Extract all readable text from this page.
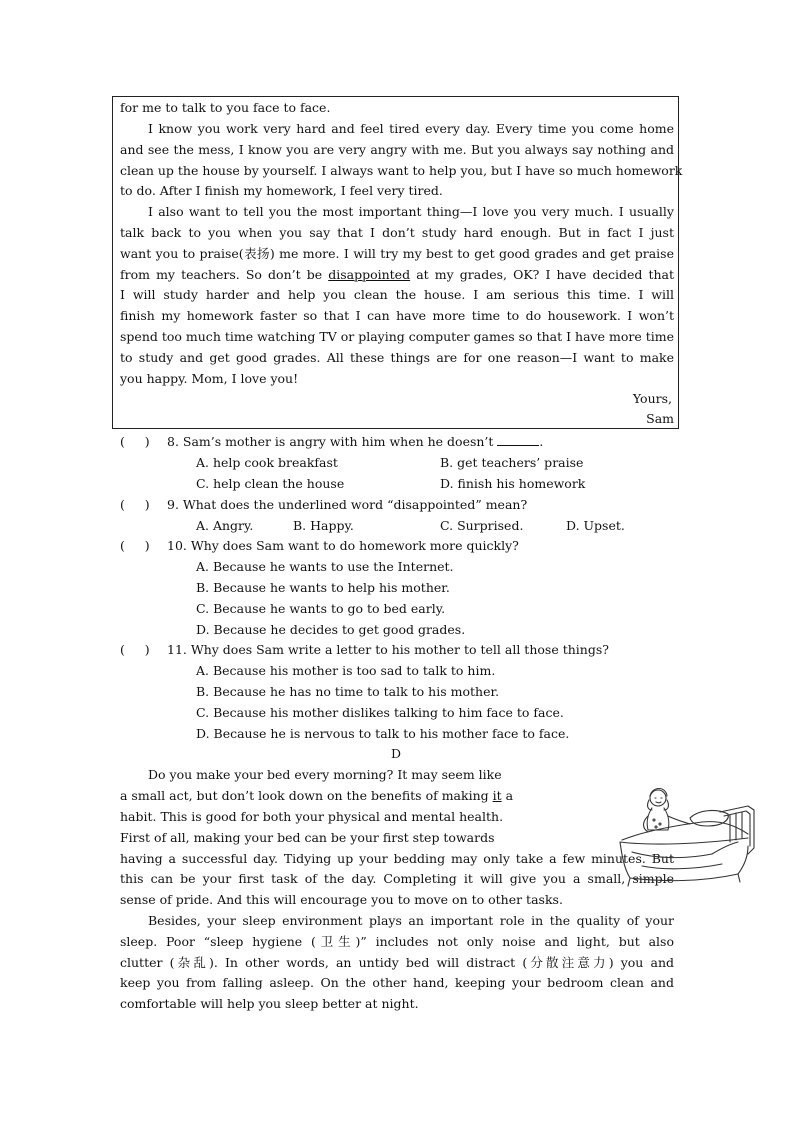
for me to talk to you face to face.
I know you work very hard and feel tired every day. Every time you come home
and see the mess, I know you are very angry with me. But you always say nothing and
clean up the house by yourself. I always want to help you, but I have so much homework
to do. After I finish my homework, I feel very tired.
I also want to tell you the most important thing—I love you very much. I usually
talk back to you when you say that I don’t study hard enough. But in fact I just
want you to praise(表扬) me more. I will try my best to get good grades and get praise
from my teachers. So don’t be disappointed at my grades, OK? I have decided that
I will study harder and help you clean the house. I am serious this time. I will
finish my homework faster so that I can have more time to do housework. I won’t
spend too much time watching TV or playing computer games so that I have more time
to study and get good grades. All these things are for one reason—I want to make
you happy. Mom, I love you!
Yours,
Sam
(     ) 8. Sam’s mother is angry with him when he doesn’t	.
A. help cook breakfast	B. get teachers’ praise
C. help clean the house	D. finish his homework
(     ) 9. What does the underlined word “disappointed” mean?
A. Angry.	B. Happy.	C. Surprised.	D. Upset.
(     ) 10. Why does Sam want to do homework more quickly?
A. Because he wants to use the Internet.
B. Because he wants to help his mother.
C. Because he wants to go to bed early.
D. Because he decides to get good grades.
(     ) 11. Why does Sam write a letter to his mother to tell all those things?
A. Because his mother is too sad to talk to him.
B. Because he has no time to talk to his mother.
C. Because his mother dislikes talking to him face to face.
D. Because he is nervous to talk to his mother face to face.
D
Do you make your bed every morning? It may seem like
a small act, but don’t look down on the benefits of making it a
habit. This is good for both your physical and mental health.
First of all, making your bed can be your first step towards
having a successful day. Tidying up your bedding may only take a few minutes. But
this can be your first task of the day. Completing it will give you a small, simple
sense of pride. And this will encourage you to move on to other tasks.
Besides, your sleep environment plays an important role in the quality of your
sleep. Poor “sleep hygiene (卫生)” includes not only noise and light, but also
clutter (杂乱). In other words, an untidy bed will distract (分散注意力) you and
keep you from falling asleep. On the other hand, keeping your bedroom clean and
comfortable will help you sleep better at night.
